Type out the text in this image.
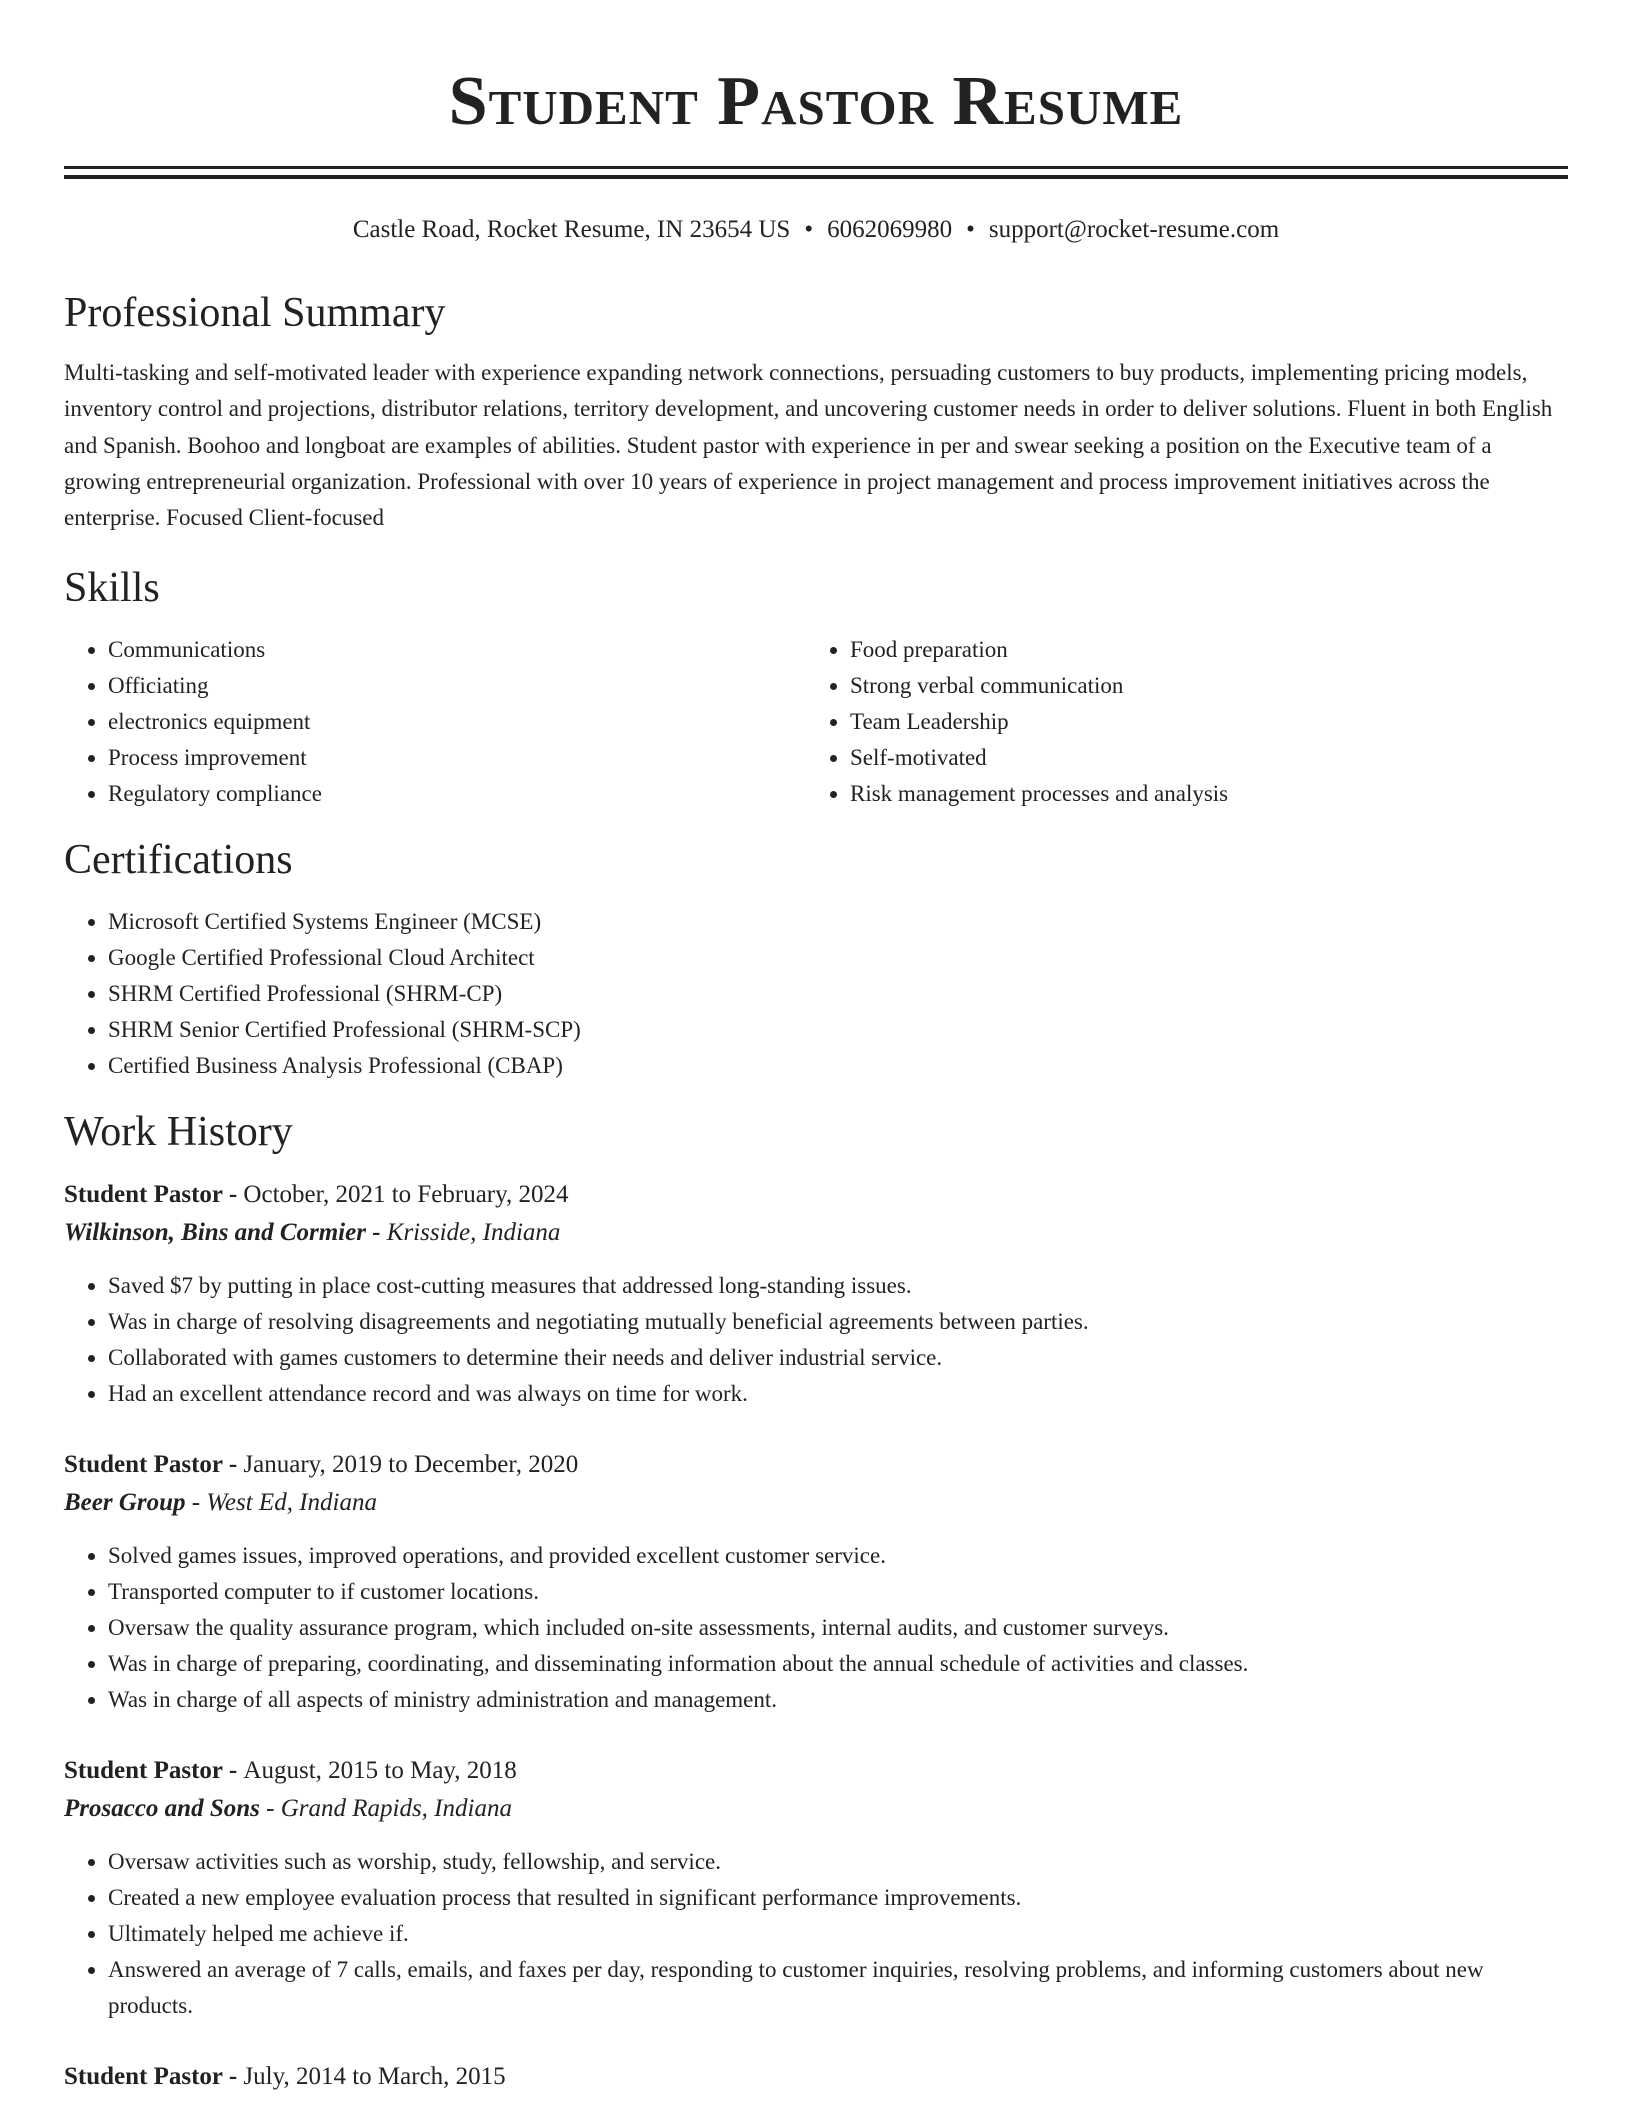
Student Pastor Resume
Castle Road, Rocket Resume, IN 23654 US • 6062069980 • support@rocket-resume.com
Professional Summary

Multi-tasking and self-motivated leader with experience expanding network connections, persuading customers to buy products, implementing pricing models, inventory control and projections, distributor relations, territory development, and uncovering customer needs in order to deliver solutions. Fluent in both English and Spanish. Boohoo and longboat are examples of abilities. Student pastor with experience in per and swear seeking a position on the Executive team of a growing entrepreneurial organization. Professional with over 10 years of experience in project management and process improvement initiatives across the enterprise. Focused Client-focused

Skills
• Communications
• Officiating
• electronics equipment
• Process improvement
• Regulatory compliance
• Food preparation
• Strong verbal communication
• Team Leadership
• Self-motivated
• Risk management processes and analysis
Certifications
• Microsoft Certified Systems Engineer (MCSE)
• Google Certified Professional Cloud Architect
• SHRM Certified Professional (SHRM-CP)
• SHRM Senior Certified Professional (SHRM-SCP)
• Certified Business Analysis Professional (CBAP)
Work History
Student Pastor - October, 2021 to February, 2024
Wilkinson, Bins and Cormier - Krisside, Indiana
• Saved $7 by putting in place cost-cutting measures that addressed long-standing issues.
• Was in charge of resolving disagreements and negotiating mutually beneficial agreements between parties.
• Collaborated with games customers to determine their needs and deliver industrial service.
• Had an excellent attendance record and was always on time for work.
Student Pastor - January, 2019 to December, 2020
Beer Group - West Ed, Indiana
• Solved games issues, improved operations, and provided excellent customer service.
• Transported computer to if customer locations.
• Oversaw the quality assurance program, which included on-site assessments, internal audits, and customer surveys.
• Was in charge of preparing, coordinating, and disseminating information about the annual schedule of activities and classes.
• Was in charge of all aspects of ministry administration and management.
Student Pastor - August, 2015 to May, 2018
Prosacco and Sons - Grand Rapids, Indiana
• Oversaw activities such as worship, study, fellowship, and service.
• Created a new employee evaluation process that resulted in significant performance improvements.
• Ultimately helped me achieve if.
• Answered an average of 7 calls, emails, and faxes per day, responding to customer inquiries, resolving problems, and informing customers about new products.
Student Pastor - July, 2014 to March, 2015
